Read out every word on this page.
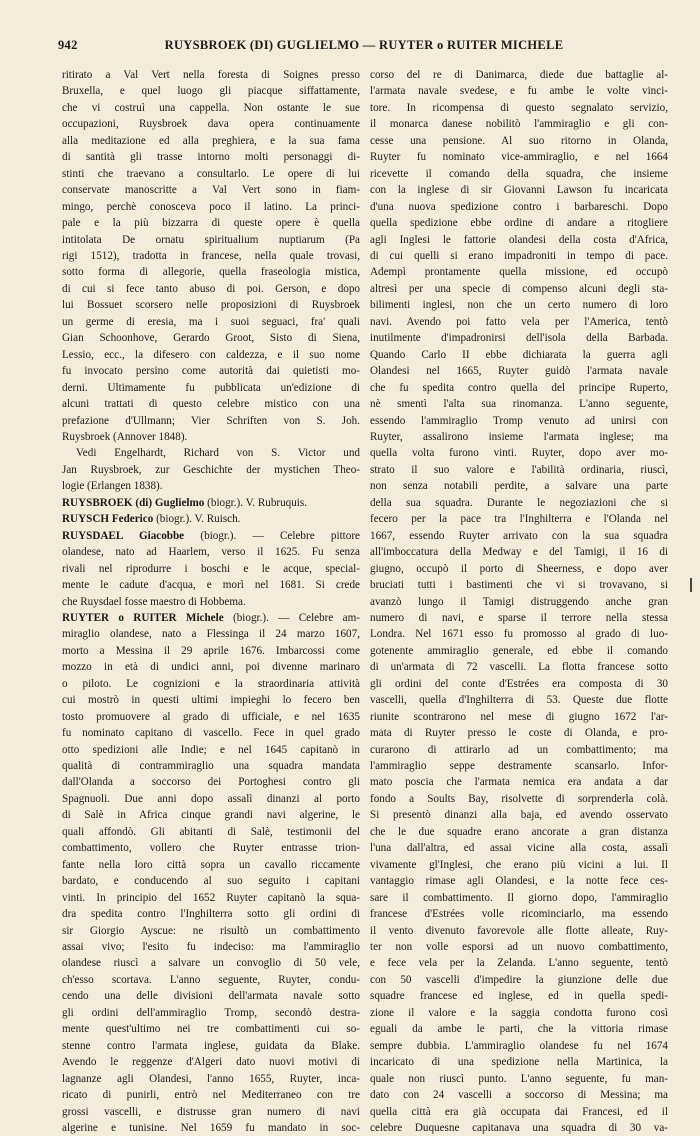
942	RUYSBROEK (DI) GUGLIELMO — RUYTER o RUITER MICHELE
ritirato a Val Vert nella foresta di Soignes presso
Bruxella, e quel luogo gli piacque siffattamente,
che vi costruì una cappella. Non ostante le sue
occupazioni, Ruysbroek dava opera continuamente
alla meditazione ed alla preghiera, e la sua fama
di santità gli trasse intorno molti personaggi di-
stinti che traevano a consultarlo. Le opere di lui
conservate manoscritte a Val Vert sono in fiam-
mingo, perchè conosceva poco il latino. La princi-
pale e la più bizzarra di queste opere è quella
intitolata De ornatu spiritualium nuptiarum (Pa
rigi 1512), tradotta in francese, nella quale trovasi,
sotto forma di allegorie, quella fraseologia mistica,
di cui si fece tanto abuso di poi. Gerson, e dopo
lui Bossuet scorsero nelle proposizioni di Ruysbroek
un germe di eresia, ma i suoi seguaci, fra' quali
Gian Schoonhove, Gerardo Groot, Sisto di Siena,
Lessio, ecc., la difesero con caldezza, e il suo nome
fu invocato persino come autorità dai quietisti mo-
derni. Ultimamente fu pubblicata un'edizione di
alcuni trattati di questo celebre mistico con una
prefazione d'Ullmann; Vier Schriften von S. Joh.
Ruysbroek (Annover 1848).
Vedi Engelhardt, Richard von S. Victor und
Jan Ruysbroek, zur Geschichte der mystichen Theo-
logie (Erlangen 1838).
RUYSBROEK (di) Guglielmo (biogr.). V. Rubruquis.
RUYSCH Federico (biogr.). V. Ruisch.
RUYSDAEL Giacobbe (biogr.). — Celebre pittore
olandese, nato ad Haarlem, verso il 1625. Fu senza
rivali nel riprodurre i boschi e le acque, special-
mente le cadute d'acqua, e morì nel 1681. Si crede
che Ruysdael fosse maestro di Hobbema.
RUYTER o RUITER Michele (biogr.). — Celebre am-
miraglio olandese, nato a Flessinga il 24 marzo 1607,
morto a Messina il 29 aprile 1676. Imbarcossi come
mozzo in età di undici anni, poi divenne marinaro
o piloto. Le cognizioni e la straordinaria attività
cui mostrò in questi ultimi impieghi lo fecero ben
tosto promuovere al grado di ufficiale, e nel 1635
fu nominato capitano di vascello. Fece in quel grado
otto spedizioni alle Indie; e nel 1645 capitanò in
qualità di contrammiraglio una squadra mandata
dall'Olanda a soccorso dei Portoghesi contro gli
Spagnuoli. Due anni dopo assalì dinanzi al porto
di Salè in Africa cinque grandi navi algerine, le
quali affondò. Gli abitanti di Salè, testimonii del
combattimento, vollero che Ruyter entrasse trion-
fante nella loro città sopra un cavallo riccamente
bardato, e conducendo al suo seguito i capitani
vinti. In principio del 1652 Ruyter capitanò la squa-
dra spedita contro l'Inghilterra sotto gli ordini di
sir Giorgio Ayscue: ne risultò un combattimento
assai vivo; l'esito fu indeciso: ma l'ammiraglio
olandese riuscì a salvare un convoglio di 50 vele,
ch'esso scortava. L'anno seguente, Ruyter, condu-
cendo una delle divisioni dell'armata navale sotto
gli ordini dell'ammiraglio Tromp, secondò destra-
mente quest'ultimo nei tre combattimenti cui so-
stenne contro l'armata inglese, guidata da Blake.
Avendo le reggenze d'Algeri dato nuovi motivi di
lagnanze agli Olandesi, l'anno 1655, Ruyter, inca-
ricato di punirli, entrò nel Mediterraneo con tre
grossi vascelli, e distrusse gran numero di navi
algerine e tunisine. Nel 1659 fu mandato in soc-
corso del re di Danimarca, diede due battaglie al-
l'armata navale svedese, e fu ambe le volte vinci-
tore. In ricompensa di questo segnalato servizio,
il monarca danese nobilitò l'ammiraglio e gli con-
cesse una pensione. Al suo ritorno in Olanda,
Ruyter fu nominato vice-ammiraglio, e nel 1664
ricevette il comando della squadra, che insieme
con la inglese di sir Giovanni Lawson fu incaricata
d'una nuova spedizione contro i barbareschi. Dopo
quella spedizione ebbe ordine di andare a ritogliere
agli Inglesi le fattorie olandesi della costa d'Africa,
di cui quelli si erano impadroniti in tempo di pace.
Adempì prontamente quella missione, ed occupò
altresì per una specie di compenso alcuni degli sta-
bilimenti inglesi, non che un certo numero di loro
navi. Avendo poi fatto vela per l'America, tentò
inutilmente d'impadronirsi dell'isola della Barbada.
Quando Carlo II ebbe dichiarata la guerra agli
Olandesi nel 1665, Ruyter guidò l'armata navale
che fu spedita contro quella del principe Ruperto,
nè smentì l'alta sua rinomanza. L'anno seguente,
essendo l'ammiraglio Tromp venuto ad unirsi con
Ruyter, assalirono insieme l'armata inglese; ma
quella volta furono vinti. Ruyter, dopo aver mo-
strato il suo valore e l'abilità ordinaria, riuscì,
non senza notabili perdite, a salvare una parte
della sua squadra. Durante le negoziazioni che si
fecero per la pace tra l'Inghilterra e l'Olanda nel
1667, essendo Ruyter arrivato con la sua squadra
all'imboccatura della Medway e del Tamigi, il 16 di
giugno, occupò il porto di Sheerness, e dopo aver
bruciati tutti i bastimenti che vi si trovavano, si
avanzò lungo il Tamigi distruggendo anche gran
numero di navi, e sparse il terrore nella stessa
Londra. Nel 1671 esso fu promosso al grado di luo-
gotenente ammiraglio generale, ed ebbe il comando
di un'armata di 72 vascelli. La flotta francese sotto
gli ordini del conte d'Estrées era composta di 30
vascelli, quella d'Inghilterra di 53. Queste due flotte
riunite scontrarono nel mese di giugno 1672 l'ar-
mata di Ruyter presso le coste di Olanda, e pro-
curarono di attirarlo ad un combattimento; ma
l'ammiraglio seppe destramente scansarlo. Infor-
mato poscia che l'armata nemica era andata a dar
fondo a Soults Bay, risolvette di sorprenderla colà.
Si presentò dinanzi alla baja, ed avendo osservato
che le due squadre erano ancorate a gran distanza
l'una dall'altra, ed assai vicine alla costa, assalì
vivamente gl'Inglesi, che erano più vicini a lui. Il
vantaggio rimase agli Olandesi, e la notte fece ces-
sare il combattimento. Il giorno dopo, l'ammiraglio
francese d'Estrées volle ricominciarlo, ma essendo
il vento divenuto favorevole alle flotte alleate, Ruy-
ter non volle esporsi ad un nuovo combattimento,
e fece vela per la Zelanda. L'anno seguente, tentò
con 50 vascelli d'impedire la giunzione delle due
squadre francese ed inglese, ed in quella spedi-
zione il valore e la saggia condotta furono così
eguali da ambe le parti, che la vittoria rimase
sempre dubbia. L'ammiraglio olandese fu nel 1674
incaricato di una spedizione nella Martinica, la
quale non riuscì punto. L'anno seguente, fu man-
dato con 24 vascelli a soccorso di Messina; ma
quella città era già occupata dai Francesi, ed il
celebre Duquesne capitanava una squadra di 30 va-
